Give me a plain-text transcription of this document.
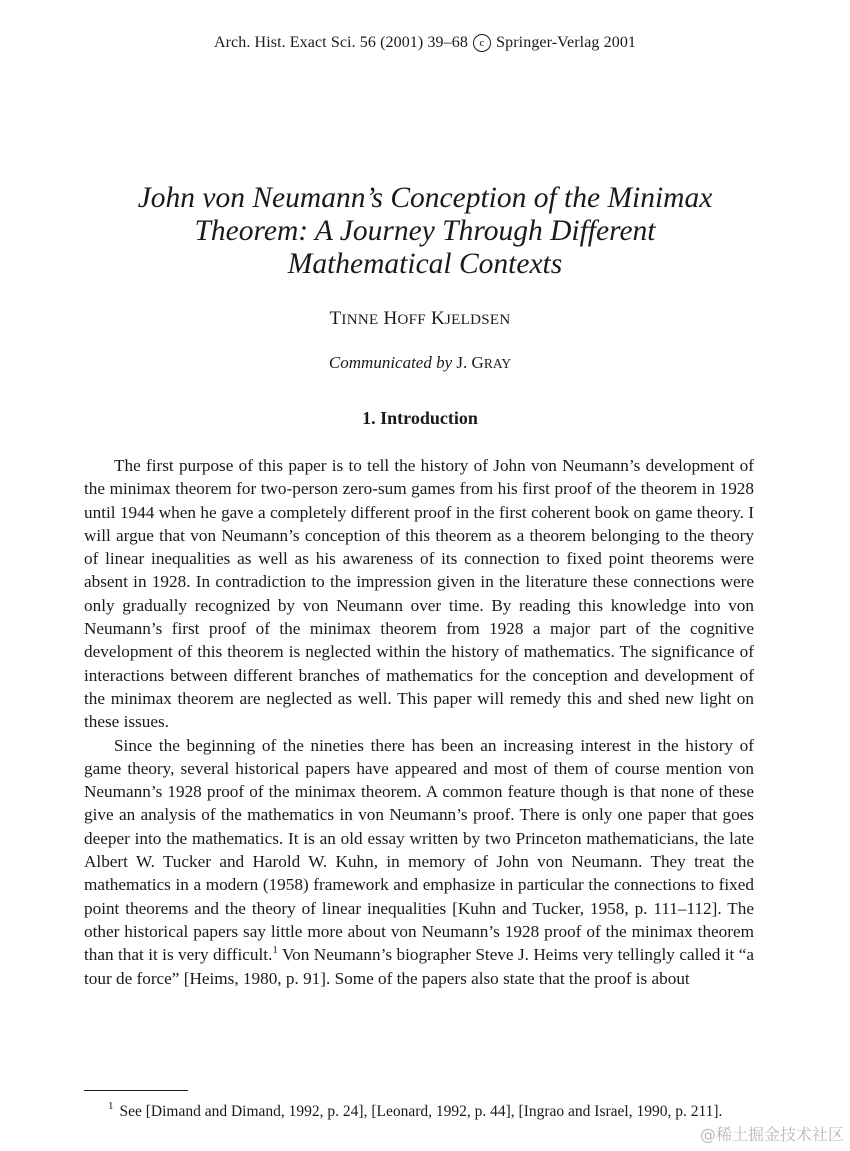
Arch. Hist. Exact Sci. 56 (2001) 39–68 c Springer-Verlag 2001
John von Neumann’s Conception of the Minimax
Theorem: A Journey Through Different
Mathematical Contexts
TINNE HOFF KJELDSEN
Communicated by J. GRAY
1. Introduction

The first purpose of this paper is to tell the history of John von Neumann’s development of the minimax theorem for two-person zero-sum games from his first proof of the theorem in 1928 until 1944 when he gave a completely different proof in the first coherent book on game theory. I will argue that von Neumann’s conception of this theorem as a theorem belonging to the theory of linear inequalities as well as his awareness of its connection to fixed point theorems were absent in 1928. In contradiction to the impression given in the literature these connections were only gradually recognized by von Neumann over time. By reading this knowledge into von Neumann’s first proof of the minimax theorem from 1928 a major part of the cognitive development of this theorem is neglected within the history of mathematics. The significance of interactions between different branches of mathematics for the conception and development of the minimax theorem are neglected as well. This paper will remedy this and shed new light on these issues.

Since the beginning of the nineties there has been an increasing interest in the history of game theory, several historical papers have appeared and most of them of course mention von Neumann’s 1928 proof of the minimax theorem. A common feature though is that none of these give an analysis of the mathematics in von Neumann’s proof. There is only one paper that goes deeper into the mathematics. It is an old essay written by two Princeton mathematicians, the late Albert W. Tucker and Harold W. Kuhn, in memory of John von Neumann. They treat the mathematics in a modern (1958) framework and emphasize in particular the connections to fixed point theorems and the theory of linear inequalities [Kuhn and Tucker, 1958, p. 111–112]. The other historical papers say little more about von Neumann’s 1928 proof of the minimax theorem than that it is very difficult.$^1$ Von Neumann’s biographer Steve J. Heims very tellingly called it “a tour de force” [Heims, 1980, p. 91]. Some of the papers also state that the proof is about

$^1$ See [Dimand and Dimand, 1992, p. 24], [Leonard, 1992, p. 44], [Ingrao and Israel, 1990, p. 211].
@稀土掘金技术社区
